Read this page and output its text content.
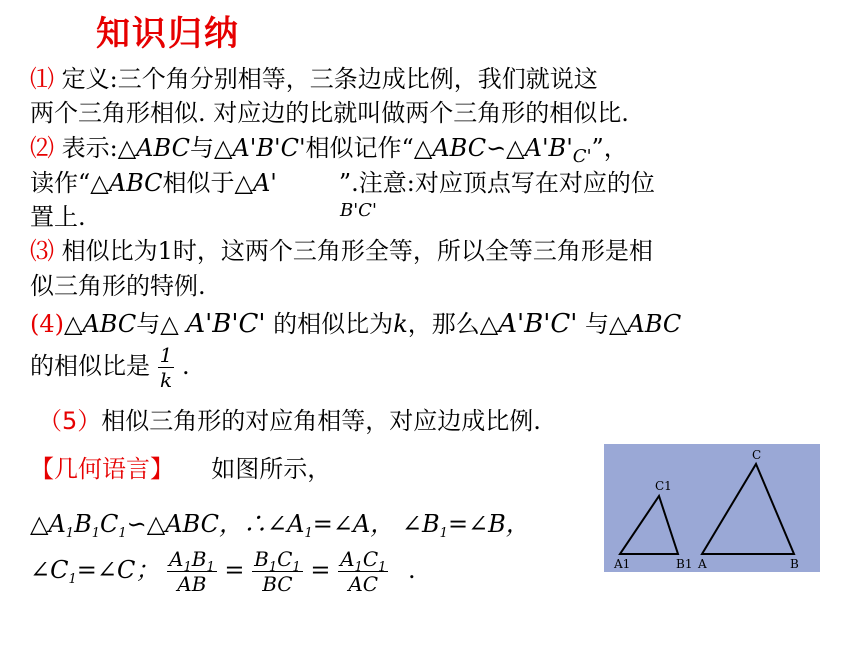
知识归纳
⑴ 定义:三个角分别相等，三条边成比例，我们就说这
两个三角形相似. 对应边的比就叫做两个三角形的相似比.
⑵ 表示:△ABC与△A'B'C'相似记作“$\triangle ABC∽\triangle A'B'_{C'}$”，
读作“△ABC相似于△A'	”.注意:对应顶点写在对应的位
B'C'
置上.
⑶ 相似比为1时，这两个三角形全等，所以全等三角形是相
似三角形的特例.
(4)△ABC与△ A'B'C' 的相似比为k，那么△A'B'C' 与△ABC
的相似比是 $\frac{1}{k}$ .
（5）相似三角形的对应角相等，对应边成比例.
【几何语言】 如图所示，
$\triangle A_1B_1C_1∽\triangle ABC$，$\therefore\angle A_1=\angle A$， $\angle B_1=\angle B$，
$\angle C_1=\angle C$； $\frac{A_1B_1}{AB} = \frac{B_1C_1}{BC} = \frac{A_1C_1}{AC}$ .
C1
A1	B1
C
A	B
